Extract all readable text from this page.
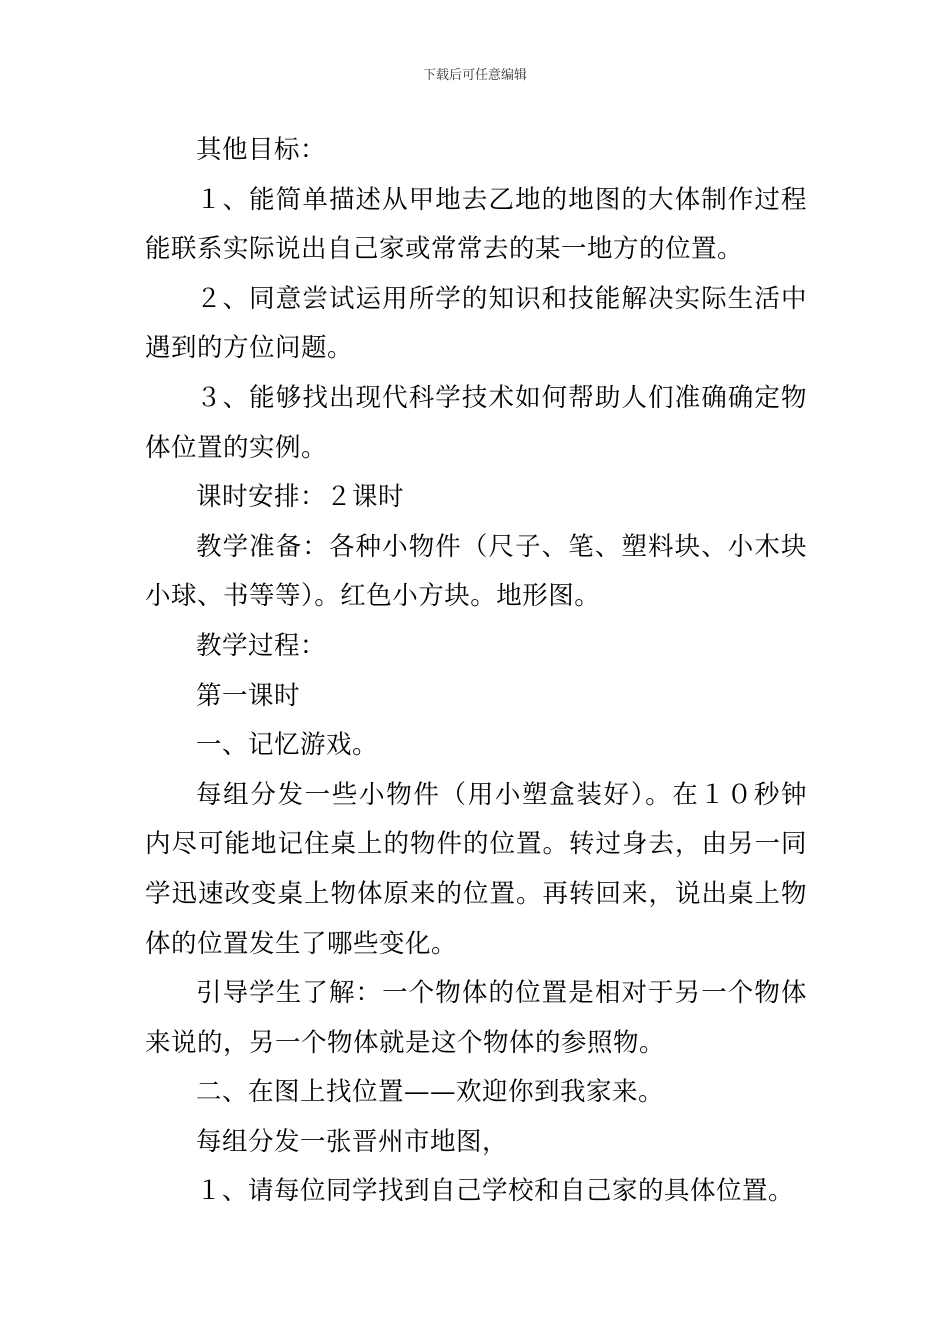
下载后可任意编辑

其他目标：

１、能简单描述从甲地去乙地的地图的大体制作过程能联系实际说出自己家或常常去的某一地方的位置。

２、同意尝试运用所学的知识和技能解决实际生活中遇到的方位问题。

３、能够找出现代科学技术如何帮助人们准确确定物体位置的实例。

课时安排：２课时

教学准备：各种小物件（尺子、笔、塑料块、小木块小球、书等等）。红色小方块。地形图。

教学过程：

第一课时

一、记忆游戏。

每组分发一些小物件（用小塑盒装好）。在１０秒钟内尽可能地记住桌上的物件的位置。转过身去，由另一同学迅速改变桌上物体原来的位置。再转回来，说出桌上物体的位置发生了哪些变化。

引导学生了解：一个物体的位置是相对于另一个物体来说的，另一个物体就是这个物体的参照物。

二、在图上找位置——欢迎你到我家来。

每组分发一张晋州市地图，

１、请每位同学找到自己学校和自己家的具体位置。
